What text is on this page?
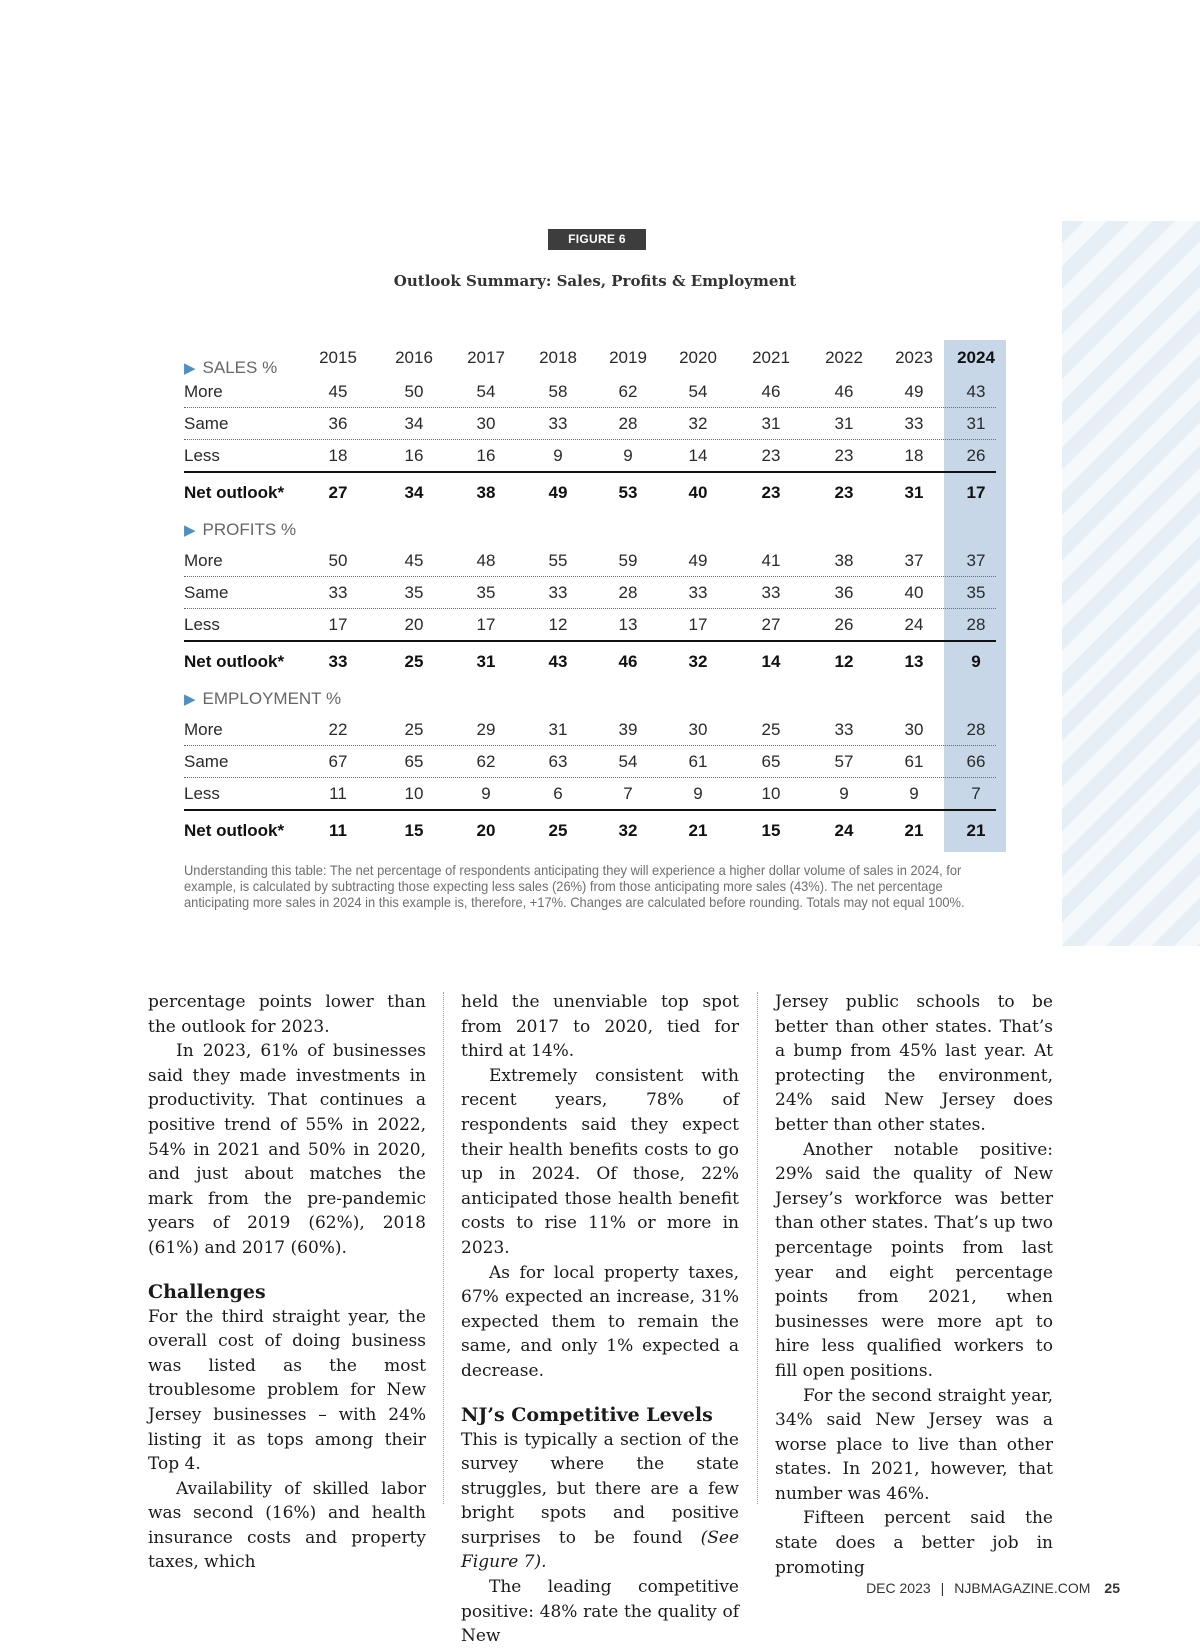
FIGURE 6
Outlook Summary: Sales, Profits & Employment
▶ SALES %
2015	2016	2017	2018	2019	2020	2021	2022	2023	2024
More	45	50	54	58	62	54	46	46	49	43
Same	36	34	30	33	28	32	31	31	33	31
Less	18	16	16	9	9	14	23	23	18	26
Net outlook*	27	34	38	49	53	40	23	23	31	17
▶ PROFITS %
More	50	45	48	55	59	49	41	38	37	37
Same	33	35	35	33	28	33	33	36	40	35
Less	17	20	17	12	13	17	27	26	24	28
Net outlook*	33	25	31	43	46	32	14	12	13	9
▶ EMPLOYMENT %
More	22	25	29	31	39	30	25	33	30	28
Same	67	65	62	63	54	61	65	57	61	66
Less	11	10	9	6	7	9	10	9	9	7
Net outlook*	11	15	20	25	32	21	15	24	21	21
Understanding this table: The net percentage of respondents anticipating they will experience a higher dollar volume of sales in 2024, for example, is calculated by subtracting those expecting less sales (26%) from those anticipating more sales (43%). The net percentage anticipating more sales in 2024 in this example is, therefore, +17%. Changes are calculated before rounding. Totals may not equal 100%.

percentage points lower than the outlook for 2023.

In 2023, 61% of businesses said they made investments in productivity. That continues a positive trend of 55% in 2022, 54% in 2021 and 50% in 2020, and just about matches the mark from the pre-pandemic years of 2019 (62%), 2018 (61%) and 2017 (60%).

Challenges

For the third straight year, the overall cost of doing business was listed as the most troublesome problem for New Jersey businesses – with 24% listing it as tops among their Top 4.

Availability of skilled labor was second (16%) and health insurance costs and property taxes, which

held the unenviable top spot from 2017 to 2020, tied for third at 14%.

Extremely consistent with recent years, 78% of respondents said they expect their health benefits costs to go up in 2024. Of those, 22% anticipated those health benefit costs to rise 11% or more in 2023.

As for local property taxes, 67% expected an increase, 31% expected them to remain the same, and only 1% expected a decrease.

NJ’s Competitive Levels

This is typically a section of the survey where the state struggles, but there are a few bright spots and positive surprises to be found (See Figure 7).

The leading competitive positive: 48% rate the quality of New

Jersey public schools to be better than other states. That’s a bump from 45% last year. At protecting the environment, 24% said New Jersey does better than other states.

Another notable positive: 29% said the quality of New Jersey’s workforce was better than other states. That’s up two percentage points from last year and eight percentage points from 2021, when businesses were more apt to hire less qualified workers to fill open positions.

For the second straight year, 34% said New Jersey was a worse place to live than other states. In 2021, however, that number was 46%.

Fifteen percent said the state does a better job in promoting

DEC 2023 | NJBMAGAZINE.COM 25
